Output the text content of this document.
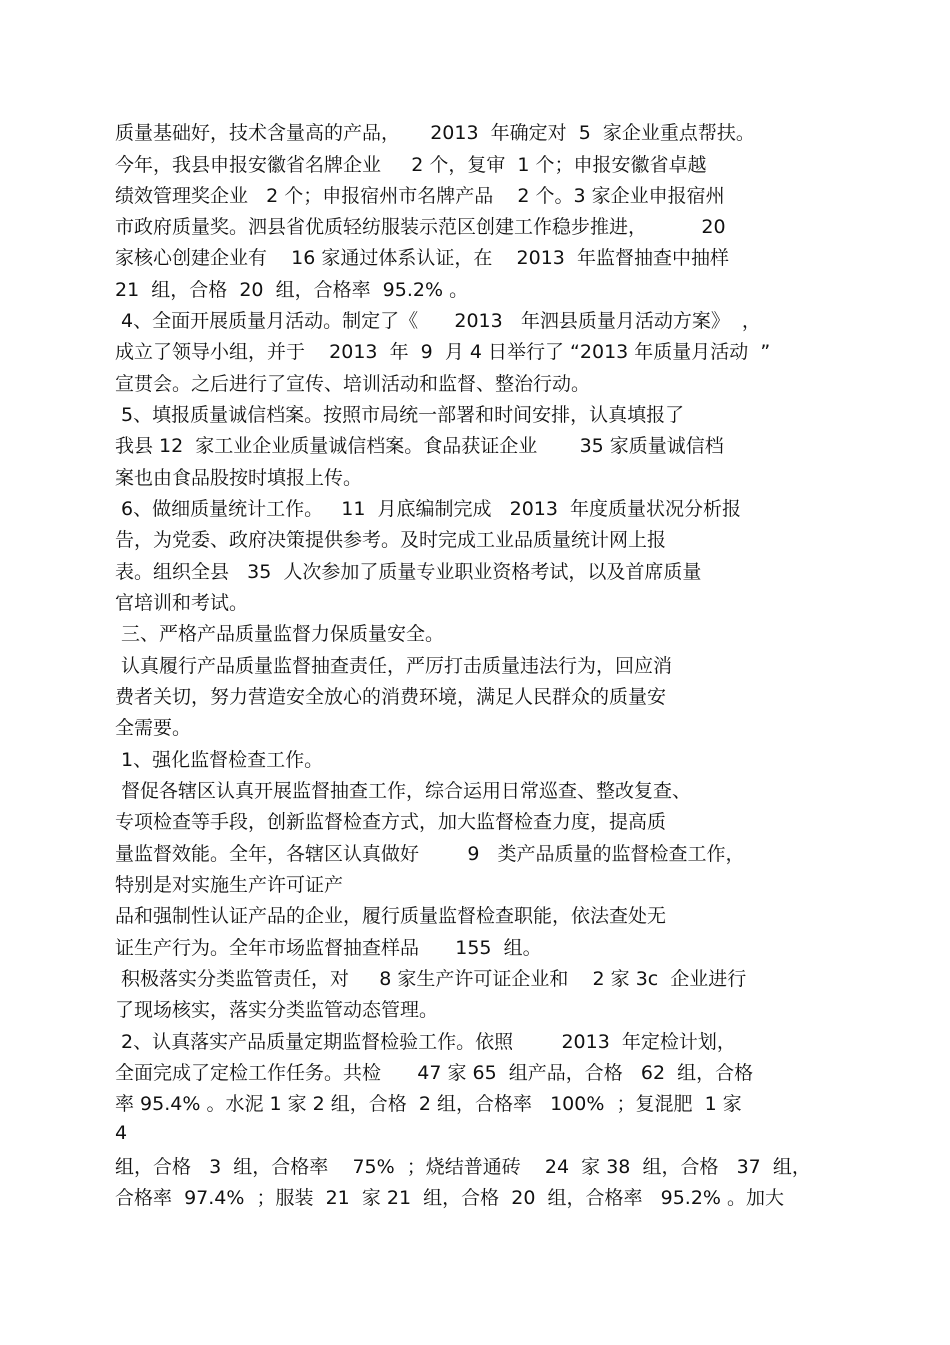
质量基础好，技术含量高的产品，     2013  年确定对  5  家企业重点帮扶。
今年，我县申报安徽省名牌企业     2 个，复审  1 个；申报安徽省卓越
绩效管理奖企业   2 个；申报宿州市名牌产品    2 个。3 家企业申报宿州
市政府质量奖。泗县省优质轻纺服装示范区创建工作稳步推进，         20
家核心创建企业有    16 家通过体系认证，在    2013  年监督抽查中抽样
21  组，合格  20  组，合格率  95.2% 。
4、全面开展质量月活动。制定了《      2013   年泗县质量月活动方案》  ，
成立了领导小组，并于    2013  年  9  月 4 日举行了 “2013 年质量月活动  ”
宣贯会。之后进行了宣传、培训活动和监督、整治行动。
5、填报质量诚信档案。按照市局统一部署和时间安排，认真填报了
我县 12  家工业企业质量诚信档案。食品获证企业       35 家质量诚信档
案也由食品股按时填报上传。
6、做细质量统计工作。   11  月底编制完成   2013  年度质量状况分析报
告，为党委、政府决策提供参考。及时完成工业品质量统计网上报
表。组织全县   35  人次参加了质量专业职业资格考试，以及首席质量
官培训和考试。
三、严格产品质量监督力保质量安全。
认真履行产品质量监督抽查责任，严厉打击质量违法行为，回应消
费者关切，努力营造安全放心的消费环境，满足人民群众的质量安
全需要。
1、强化监督检查工作。
督促各辖区认真开展监督抽查工作，综合运用日常巡查、整改复查、
专项检查等手段，创新监督检查方式，加大监督检查力度，提高质
量监督效能。全年，各辖区认真做好        9   类产品质量的监督检查工作，
特别是对实施生产许可证产
品和强制性认证产品的企业，履行质量监督检查职能，依法查处无
证生产行为。全年市场监督抽查样品      155  组。
积极落实分类监管责任，对     8 家生产许可证企业和    2 家 3c  企业进行
了现场核实，落实分类监管动态管理。
2、认真落实产品质量定期监督检验工作。依照        2013  年定检计划，
全面完成了定检工作任务。共检      47 家 65  组产品，合格   62  组，合格
率 95.4% 。水泥 1 家 2 组，合格  2 组，合格率   100%  ；复混肥  1 家
4
组，合格   3  组，合格率    75%  ；烧结普通砖    24  家 38  组，合格   37  组，
合格率  97.4%  ；服装  21  家 21  组，合格  20  组，合格率   95.2% 。加大
